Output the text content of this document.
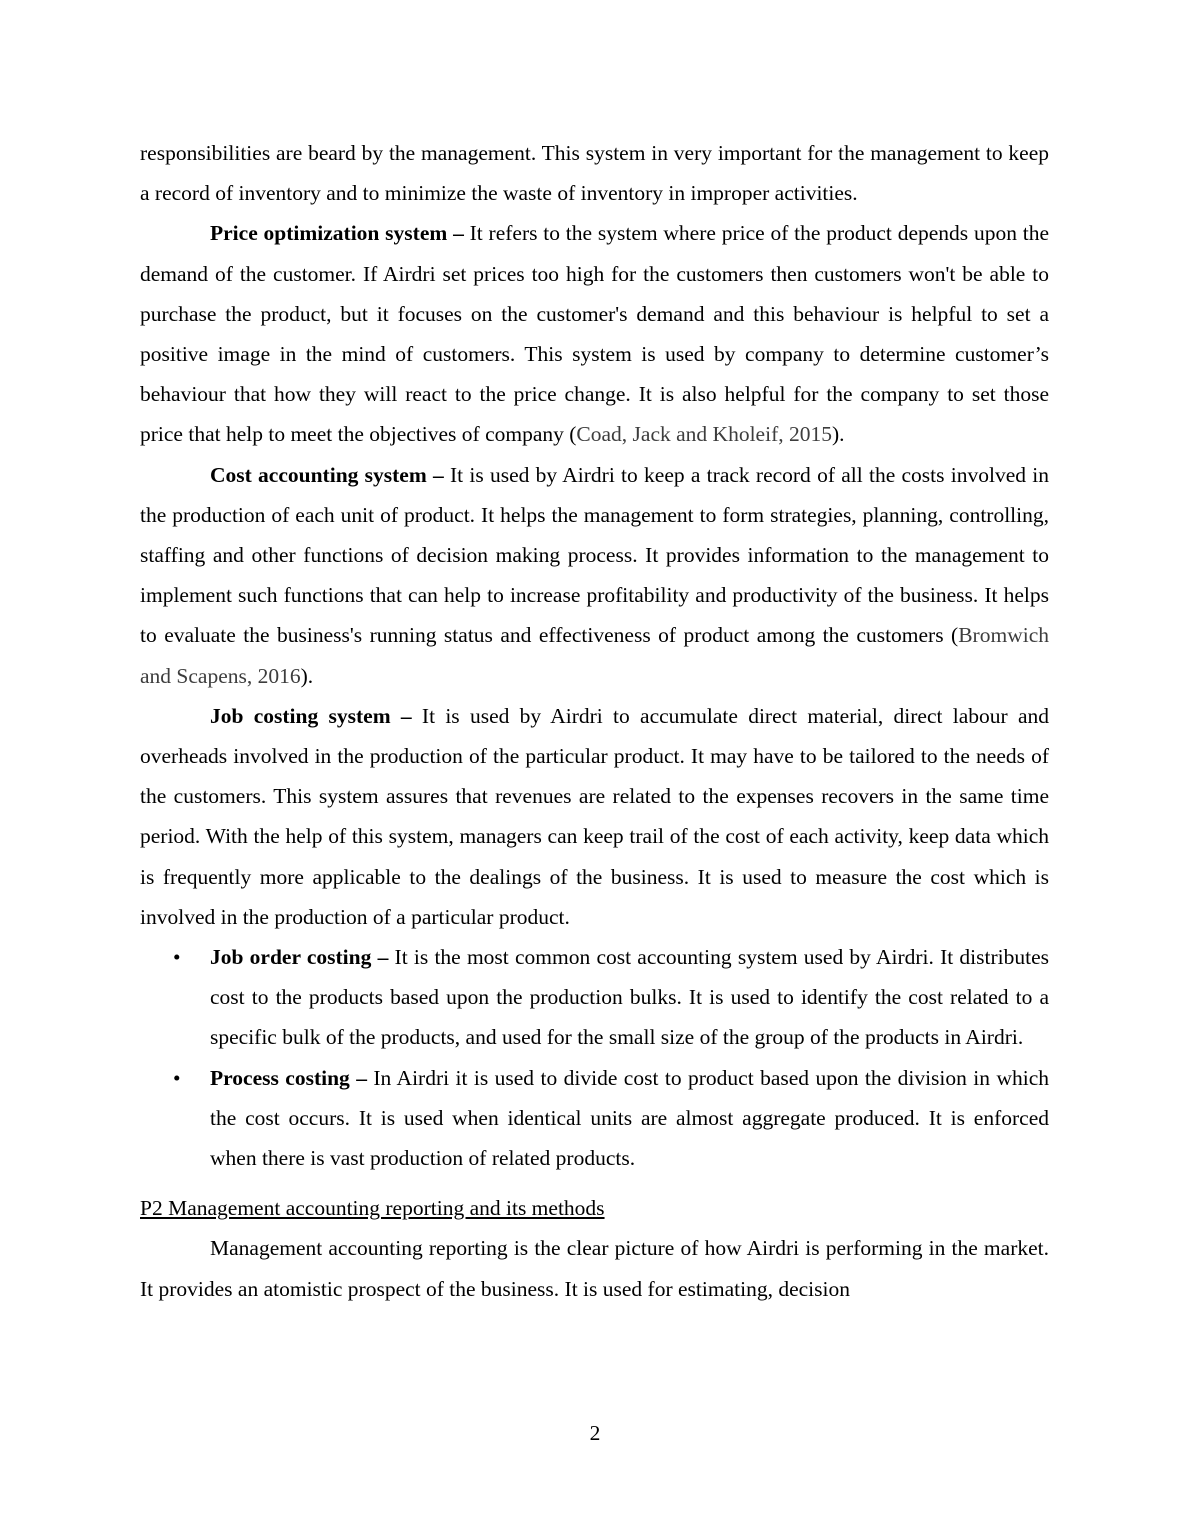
responsibilities are beard by the management. This system in very important for the management to keep a record of inventory and to minimize the waste of inventory in improper activities.

Price optimization system – It refers to the system where price of the product depends upon the demand of the customer. If Airdri set prices too high for the customers then customers won't be able to purchase the product, but it focuses on the customer's demand and this behaviour is helpful to set a positive image in the mind of customers. This system is used by company to determine customer’s behaviour that how they will react to the price change. It is also helpful for the company to set those price that help to meet the objectives of company (Coad, Jack and Kholeif, 2015).

Cost accounting system – It is used by Airdri to keep a track record of all the costs involved in the production of each unit of product. It helps the management to form strategies, planning, controlling, staffing and other functions of decision making process. It provides information to the management to implement such functions that can help to increase profitability and productivity of the business. It helps to evaluate the business's running status and effectiveness of product among the customers (Bromwich and Scapens, 2016).

Job costing system – It is used by Airdri to accumulate direct material, direct labour and overheads involved in the production of the particular product. It may have to be tailored to the needs of the customers. This system assures that revenues are related to the expenses recovers in the same time period. With the help of this system, managers can keep trail of the cost of each activity, keep data which is frequently more applicable to the dealings of the business. It is used to measure the cost which is involved in the production of a particular product.

• Job order costing – It is the most common cost accounting system used by Airdri. It distributes cost to the products based upon the production bulks. It is used to identify the cost related to a specific bulk of the products, and used for the small size of the group of the products in Airdri.
• Process costing – In Airdri it is used to divide cost to product based upon the division in which the cost occurs. It is used when identical units are almost aggregate produced. It is enforced when there is vast production of related products.

P2 Management accounting reporting and its methods

Management accounting reporting is the clear picture of how Airdri is performing in the market. It provides an atomistic prospect of the business. It is used for estimating, decision

2
